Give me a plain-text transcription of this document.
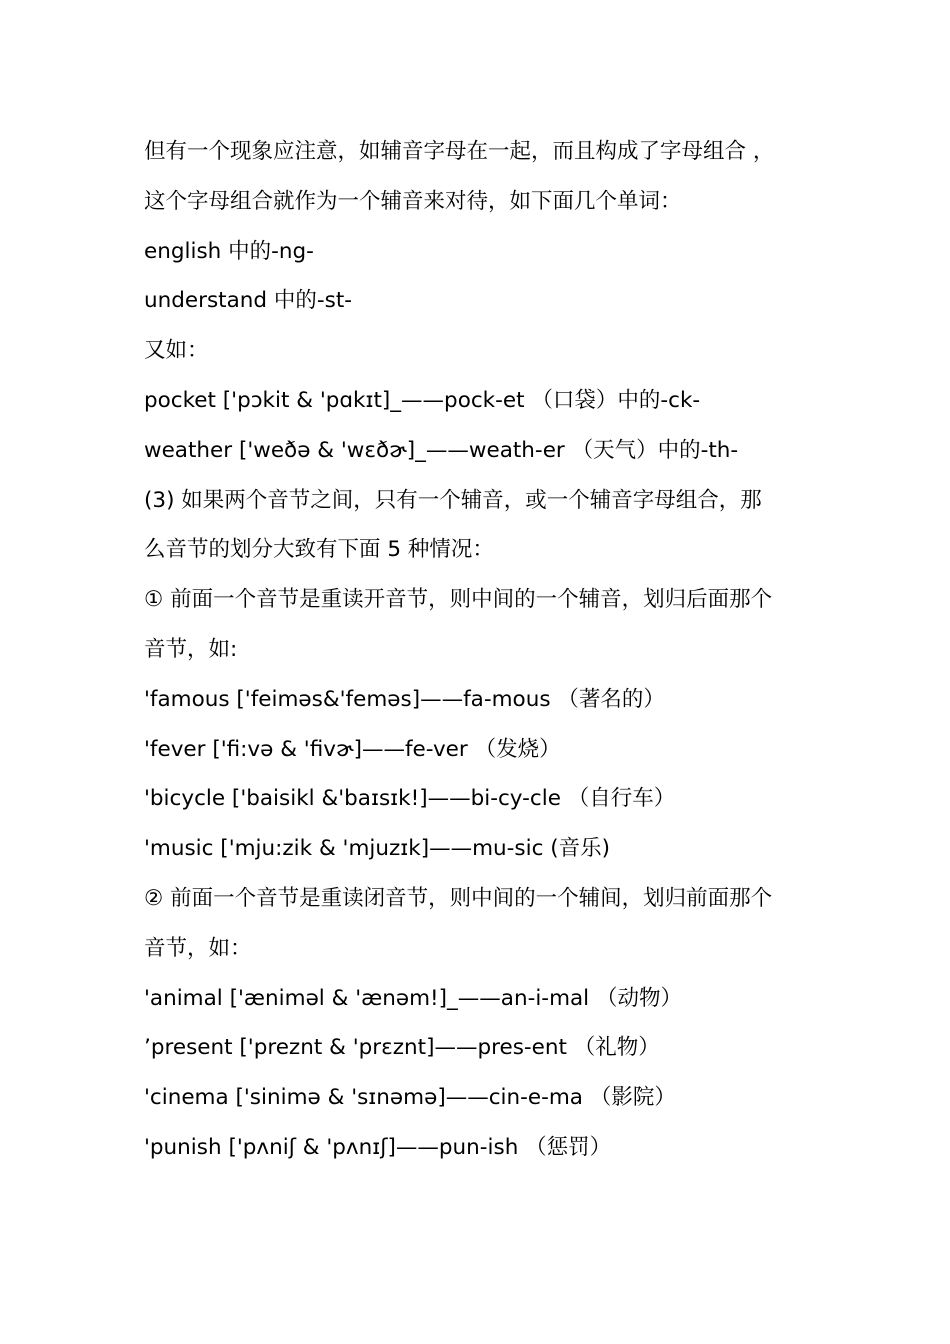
但有一个现象应注意，如辅音字母在一起，而且构成了字母组合 ，
这个字母组合就作为一个辅音来对待，如下面几个单词：
english 中的-ng-
understand 中的-st-
又如：
pocket ['pɔkit & 'pɑkɪt]_——pock-et （口袋）中的-ck-
weather ['weðə & 'wɛðɚ]_——weath-er （天气）中的-th-
(3) 如果两个音节之间，只有一个辅音，或一个辅音字母组合，那
么音节的划分大致有下面 5 种情况：
① 前面一个音节是重读开音节，则中间的一个辅音，划归后面那个
音节，如:
'famous ['feiməs&'feməs]——fa-mous （著名的）
'fever ['fi:və & 'fivɚ]——fe-ver （发烧）
'bicycle ['baisikl &'baɪsɪk!]——bi-cy-cle （自行车）
'music ['mju:zik & 'mjuzɪk]——mu-sic (音乐)
② 前面一个音节是重读闭音节，则中间的一个辅间，划归前面那个
音节，如：
'animal ['ænimǝl & 'ænəm!]_——an-i-mal （动物）
’present ['preznt & 'prɛznt]——pres-ent （礼物）
'cinema ['sinimə & 'sɪnəmə]——cin-e-ma （影院）
'punish ['pʌniʃ & 'pʌnɪʃ]——pun-ish （惩罚）
